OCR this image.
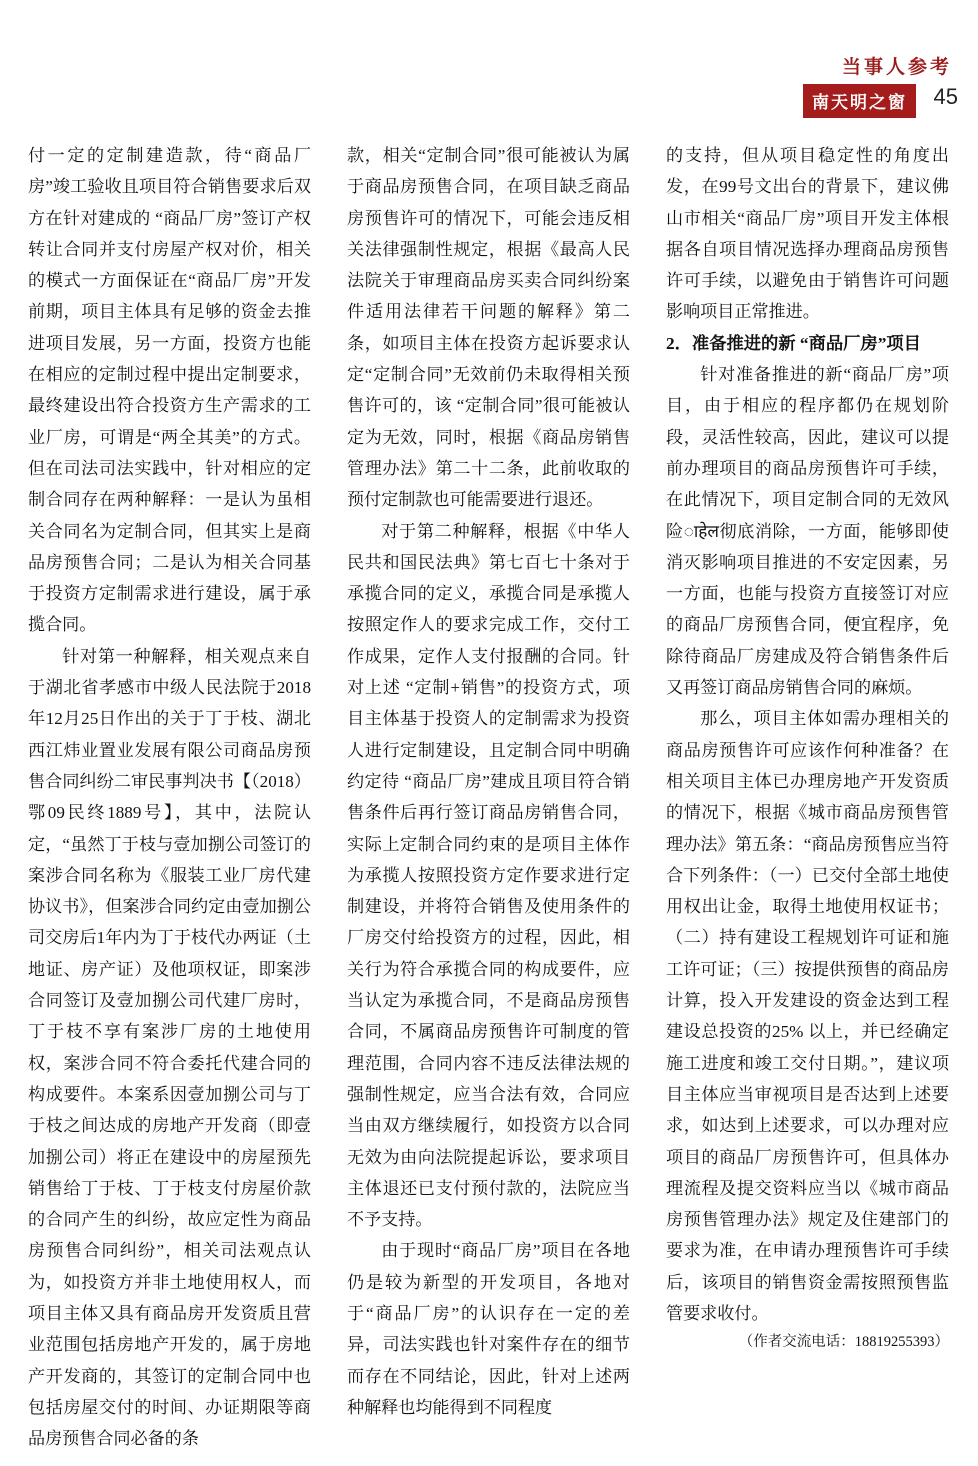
当事人参考
南天明之窗	45

付一定的定制建造款，待“商品厂房”竣工验收且项目符合销售要求后双方在针对建成的 “商品厂房”签订产权转让合同并支付房屋产权对价，相关的模式一方面保证在“商品厂房”开发前期，项目主体具有足够的资金去推进项目发展，另一方面，投资方也能在相应的定制过程中提出定制要求，最终建设出符合投资方生产需求的工业厂房，可谓是“两全其美”的方式。但在司法司法实践中，针对相应的定制合同存在两种解释：一是认为虽相关合同名为定制合同，但其实上是商品房预售合同；二是认为相关合同基于投资方定制需求进行建设，属于承揽合同。

针对第一种解释，相关观点来自于湖北省孝感市中级人民法院于2018年12月25日作出的关于丁于枝、湖北西江炜业置业发展有限公司商品房预售合同纠纷二审民事判决书【（2018）鄂09民终1889号】，其中，法院认定，“虽然丁于枝与壹加捌公司签订的案涉合同名称为《服装工业厂房代建协议书》，但案涉合同约定由壹加捌公司交房后1年内为丁于枝代办两证（土地证、房产证）及他项权证，即案涉合同签订及壹加捌公司代建厂房时，丁于枝不享有案涉厂房的土地使用权，案涉合同不符合委托代建合同的构成要件。本案系因壹加捌公司与丁于枝之间达成的房地产开发商（即壹加捌公司）将正在建设中的房屋预先销售给丁于枝、丁于枝支付房屋价款的合同产生的纠纷，故应定性为商品房预售合同纠纷”，相关司法观点认为，如投资方并非土地使用权人，而项目主体又具有商品房开发资质且营业范围包括房地产开发的，属于房地产开发商的，其签订的定制合同中也包括房屋交付的时间、办证期限等商品房预售合同必备的条

款，相关“定制合同”很可能被认为属于商品房预售合同，在项目缺乏商品房预售许可的情况下，可能会违反相关法律强制性规定，根据《最高人民法院关于审理商品房买卖合同纠纷案件适用法律若干问题的解释》第二条，如项目主体在投资方起诉要求认定“定制合同”无效前仍未取得相关预售许可的，该 “定制合同”很可能被认定为无效，同时，根据《商品房销售管理办法》第二十二条，此前收取的预付定制款也可能需要进行退还。

对于第二种解释，根据《中华人民共和国民法典》第七百七十条对于承揽合同的定义，承揽合同是承揽人按照定作人的要求完成工作，交付工作成果，定作人支付报酬的合同。针对上述 “定制+销售”的投资方式，项目主体基于投资人的定制需求为投资人进行定制建设，且定制合同中明确约定待 “商品厂房”建成且项目符合销售条件后再行签订商品房销售合同，实际上定制合同约束的是项目主体作为承揽人按照投资方定作要求进行定制建设，并将符合销售及使用条件的厂房交付给投资方的过程，因此，相关行为符合承揽合同的构成要件，应当认定为承揽合同，不是商品房预售合同，不属商品房预售许可制度的管理范围，合同内容不违反法律法规的强制性规定，应当合法有效，合同应当由双方继续履行，如投资方以合同无效为由向法院提起诉讼，要求项目主体退还已支付预付款的，法院应当不予支持。

由于现时“商品厂房”项目在各地仍是较为新型的开发项目，各地对于“商品厂房”的认识存在一定的差异，司法实践也针对案件存在的细节而存在不同结论，因此，针对上述两种解释也均能得到不同程度

的支持，但从项目稳定性的角度出发，在99号文出台的背景下，建议佛山市相关“商品厂房”项目开发主体根据各自项目情况选择办理商品房预售许可手续，以避免由于销售许可问题影响项目正常推进。

2．准备推进的新 “商品厂房”项目

针对准备推进的新“商品厂房”项目，由于相应的程序都仍在规划阶段，灵活性较高，因此，建议可以提前办理项目的商品房预售许可手续，在此情况下，项目定制合同的无效风险ाहेल彻底消除，一方面，能够即使消灭影响项目推进的不安定因素，另一方面，也能与投资方直接签订对应的商品厂房预售合同，便宜程序，免除待商品厂房建成及符合销售条件后又再签订商品房销售合同的麻烦。

那么，项目主体如需办理相关的商品房预售许可应该作何种准备？在相关项目主体已办理房地产开发资质的情况下，根据《城市商品房预售管理办法》第五条：“商品房预售应当符合下列条件：（一）已交付全部土地使用权出让金，取得土地使用权证书；（二）持有建设工程规划许可证和施工许可证；（三）按提供预售的商品房计算，投入开发建设的资金达到工程建设总投资的25% 以上，并已经确定施工进度和竣工交付日期。”，建议项目主体应当审视项目是否达到上述要求，如达到上述要求，可以办理对应项目的商品厂房预售许可，但具体办理流程及提交资料应当以《城市商品房预售管理办法》规定及住建部门的要求为准，在申请办理预售许可手续后，该项目的销售资金需按照预售监管要求收付。

（作者交流电话：18819255393）
